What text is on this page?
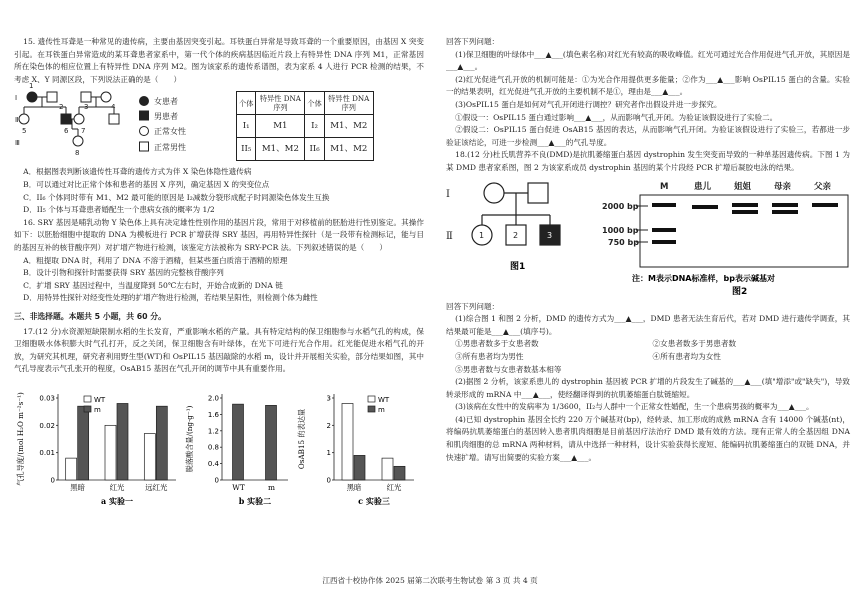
15. 遗传性耳聋是一种常见的遗传病，主要由基因突变引起。耳铁蛋白异常是导致耳聋的一个重要原因，由基因 X 突变引起。在耳铁蛋白异常造成的某耳聋患者家系中，第一代个体的疾病基因临近片段上有特异性 DNA 序列 M1，正常基因所在染色体的相应位置上有特异性 DNA 序列 M2。图为该家系的遗传系谱图，表为家系 4 人进行 PCR 检测的结果，不考虑 X、Y 同源区段，下列说法正确的是（　　）

Ⅰ
Ⅱ
Ⅲ
1
2	3	4
5	6 7
8
女患者
男患者
正常女性
正常男性
个体	特异性 DNA 序列	个体	特异性 DNA 序列
I₁	M1	I₂	M1、M2
II₅	M1、M2	II₆	M1、M2

A．根据图表判断该遗传性耳聋的遗传方式为伴 X 染色体隐性遗传病

B．可以通过对比正常个体和患者的基因 X 序列，确定基因 X 的突变位点

C．II₆ 个体同时带有 M1、M2 最可能的原因是 I₂减数分裂形成配子时同源染色体发生互换

D．II₅ 个体与耳聋患者婚配生一个患病女孩的概率为 1/2

16. SRY 基因是哺乳动物 Y 染色体上具有决定雄性性别作用的基因片段，常用于对移植前的胚胎进行性别鉴定。其操作如下：以胚胎细胞中提取的 DNA 为模板进行 PCR 扩增获得 SRY 基因，再用特异性探针（是一段带有检测标记，能与目的基因互补的核苷酸序列）对扩增产物进行检测，该鉴定方法被称为 SRY-PCR 法。下列叙述错误的是（　　）

A．粗提取 DNA 时，利用了 DNA 不溶于酒精，但某些蛋白质溶于酒精的原理

B．设计引物和探针时需要获得 SRY 基因的完整核苷酸序列

C．扩增 SRY 基因过程中，当温度降到 50℃左右时，开始合成新的 DNA 链

D．用特异性探针对经变性处理的扩增产物进行检测，若结果呈阳性，则检测个体为雌性

三、非选择题。本题共 5 小题，共 60 分。

17.(12 分)水资源短缺限制水稻的生长发育，严重影响水稻的产量。具有特定结构的保卫细胞参与水稻气孔的构成，保卫细胞吸水体积膨大时气孔打开，反之关闭，保卫细胞含有叶绿体，在光下可进行光合作用。红光能促进水稻气孔的开放，为研究其机理，研究者利用野生型(WT)和 OsPIL15 基因敲除的水稻 m，设计并开展相关实验，部分结果如图，其中气孔导度表示气孔张开的程度，OsAB15 基因在气孔开闭的调节中具有重要作用。

气孔导度/(mol H₂O m⁻²s⁻¹)	0
0.01
0.02
0.03
黑暗	红光	远红光
a 实验一
WT
m	脱落酸含量/(ng·g⁻¹)
0
0.4
0.8
1.2
1.6
2.0
WT	m
b 实验二
OsAB15 的表达量
0
1
2
3
黑暗	红光
c 实验三
WT
m

回答下列问题：

(1)保卫细胞的叶绿体中___▲___(填色素名称)对红光有较高的吸收峰值。红光可通过光合作用促进气孔开放，其原因是___▲___。

(2)红光促进气孔开放的机制可能是：①为光合作用提供更多能量；②作为___▲___影响 OsPIL15 蛋白的含量。实验一的结果表明，红光促进气孔开放的主要机制不是①，理由是___▲___。

(3)OsPIL15 蛋白是如何对气孔开闭进行调控？研究者作出假设并进一步探究。

①假设一：OsPIL15 蛋白通过影响___▲___，从而影响气孔开闭。为验证该假设进行了实验二。

②假设二：OsPIL15 蛋白促进 OsAB15 基因的表达，从而影响气孔开闭。为验证该假设进行了实验三，若都进一步验证该结论，可进一步检测___▲___的气孔导度。

18.(12 分)杜氏肌营养不良(DMD)是抗肌萎缩蛋白基因 dystrophin 发生突变而导致的一种单基因遗传病。下图 1 为某 DMD 患者家系图，图 2 为该家系成员 dystrophin 基因的某个片段经 PCR 扩增后凝胶电泳的结果。

Ⅰ
Ⅱ	1	2	3
图1
M	患儿	姐姐	母亲	父亲
2000 bp
1000 bp
750 bp
注：M表示DNA标准样，bp表示碱基对
图2

回答下列问题：

(1)综合图 1 和图 2 分析，DMD 的遗传方式为___▲___，DMD 患者无法生育后代，若对 DMD 进行遗传学调查，其结果最可能是___▲___(填序号)。

①男患者数多于女患者数	②女患者数多于男患者数
③所有患者均为男性	④所有患者均为女性
⑤男患者数与女患者数基本相等

(2)据图 2 分析，该家系患儿的 dystrophin 基因被 PCR 扩增的片段发生了碱基的___▲___(填"增添"或"缺失")，导致转录形成的 mRNA 中___▲___，使经翻译得到的抗肌萎缩蛋白肽链缩短。

(3)该病在女性中的发病率为 1/3600，II₂与人群中一个正常女性婚配，生一个患病男孩的概率为___▲___。

(4)已知 dystrophin 基因全长约 220 万个碱基对(bp)，经转录、加工形成的成熟 mRNA 含有 14000 个碱基(nt)，将编码抗肌萎缩蛋白的基因转入患者肌肉细胞是目前基因疗法治疗 DMD 最有效的方法。现有正常人的全基因组 DNA 和肌肉细胞的总 mRNA 两种材料，请从中选择一种材料，设计实验获得长度短、能编码抗肌萎缩蛋白的双链 DNA，并快速扩增。请写出简要的实验方案___▲___。

江西省十校协作体 2025 届第二次联考生物试卷 第 3 页 共 4 页
